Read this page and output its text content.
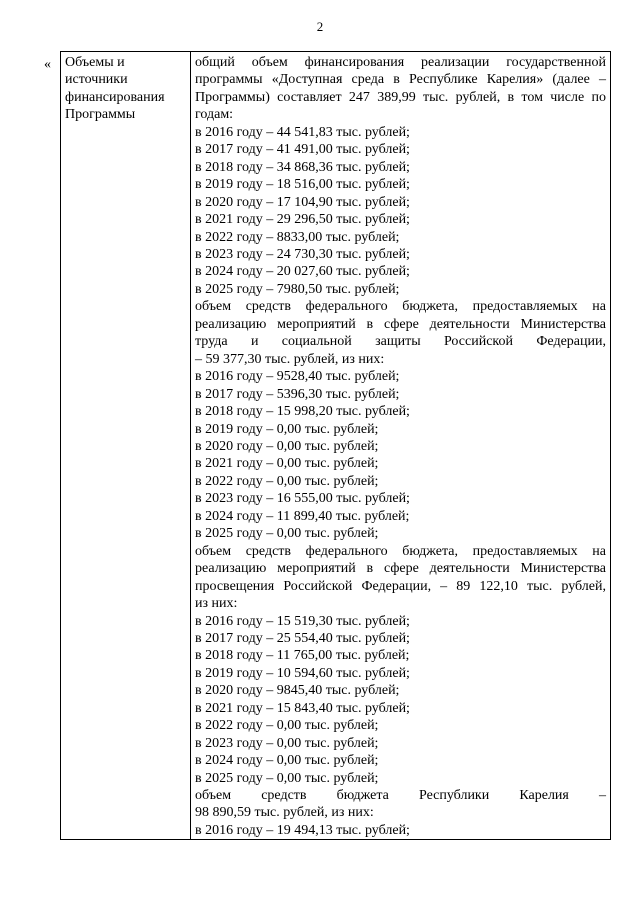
2
« Объемы и
источники
финансирования
Программы

общий объем финансирования реализации государственной
программы «Доступная среда в Республике Карелия» (далее –
Программы) составляет 247 389,99 тыс. рублей, в том числе по
годам:
в 2016 году – 44 541,83 тыс. рублей;
в 2017 году – 41 491,00 тыс. рублей;
в 2018 году – 34 868,36 тыс. рублей;
в 2019 году – 18 516,00 тыс. рублей;
в 2020 году – 17 104,90 тыс. рублей;
в 2021 году – 29 296,50 тыс. рублей;
в 2022 году – 8833,00 тыс. рублей;
в 2023 году – 24 730,30 тыс. рублей;
в 2024 году – 20 027,60 тыс. рублей;
в 2025 году – 7980,50 тыс. рублей;
объем средств федерального бюджета, предоставляемых на
реализацию мероприятий в сфере деятельности Министерства
труда и социальной защиты Российской Федерации,
– 59 377,30 тыс. рублей, из них:
в 2016 году – 9528,40 тыс. рублей;
в 2017 году – 5396,30 тыс. рублей;
в 2018 году – 15 998,20 тыс. рублей;
в 2019 году – 0,00 тыс. рублей;
в 2020 году – 0,00 тыс. рублей;
в 2021 году – 0,00 тыс. рублей;
в 2022 году – 0,00 тыс. рублей;
в 2023 году – 16 555,00 тыс. рублей;
в 2024 году – 11 899,40 тыс. рублей;
в 2025 году – 0,00 тыс. рублей;
объем средств федерального бюджета, предоставляемых на
реализацию мероприятий в сфере деятельности Министерства
просвещения Российской Федерации, – 89 122,10 тыс. рублей,
из них:
в 2016 году – 15 519,30 тыс. рублей;
в 2017 году – 25 554,40 тыс. рублей;
в 2018 году – 11 765,00 тыс. рублей;
в 2019 году – 10 594,60 тыс. рублей;
в 2020 году – 9845,40 тыс. рублей;
в 2021 году – 15 843,40 тыс. рублей;
в 2022 году – 0,00 тыс. рублей;
в 2023 году – 0,00 тыс. рублей;
в 2024 году – 0,00 тыс. рублей;
в 2025 году – 0,00 тыс. рублей;
объем средств бюджета Республики Карелия –
98 890,59 тыс. рублей, из них:
в 2016 году – 19 494,13 тыс. рублей;
